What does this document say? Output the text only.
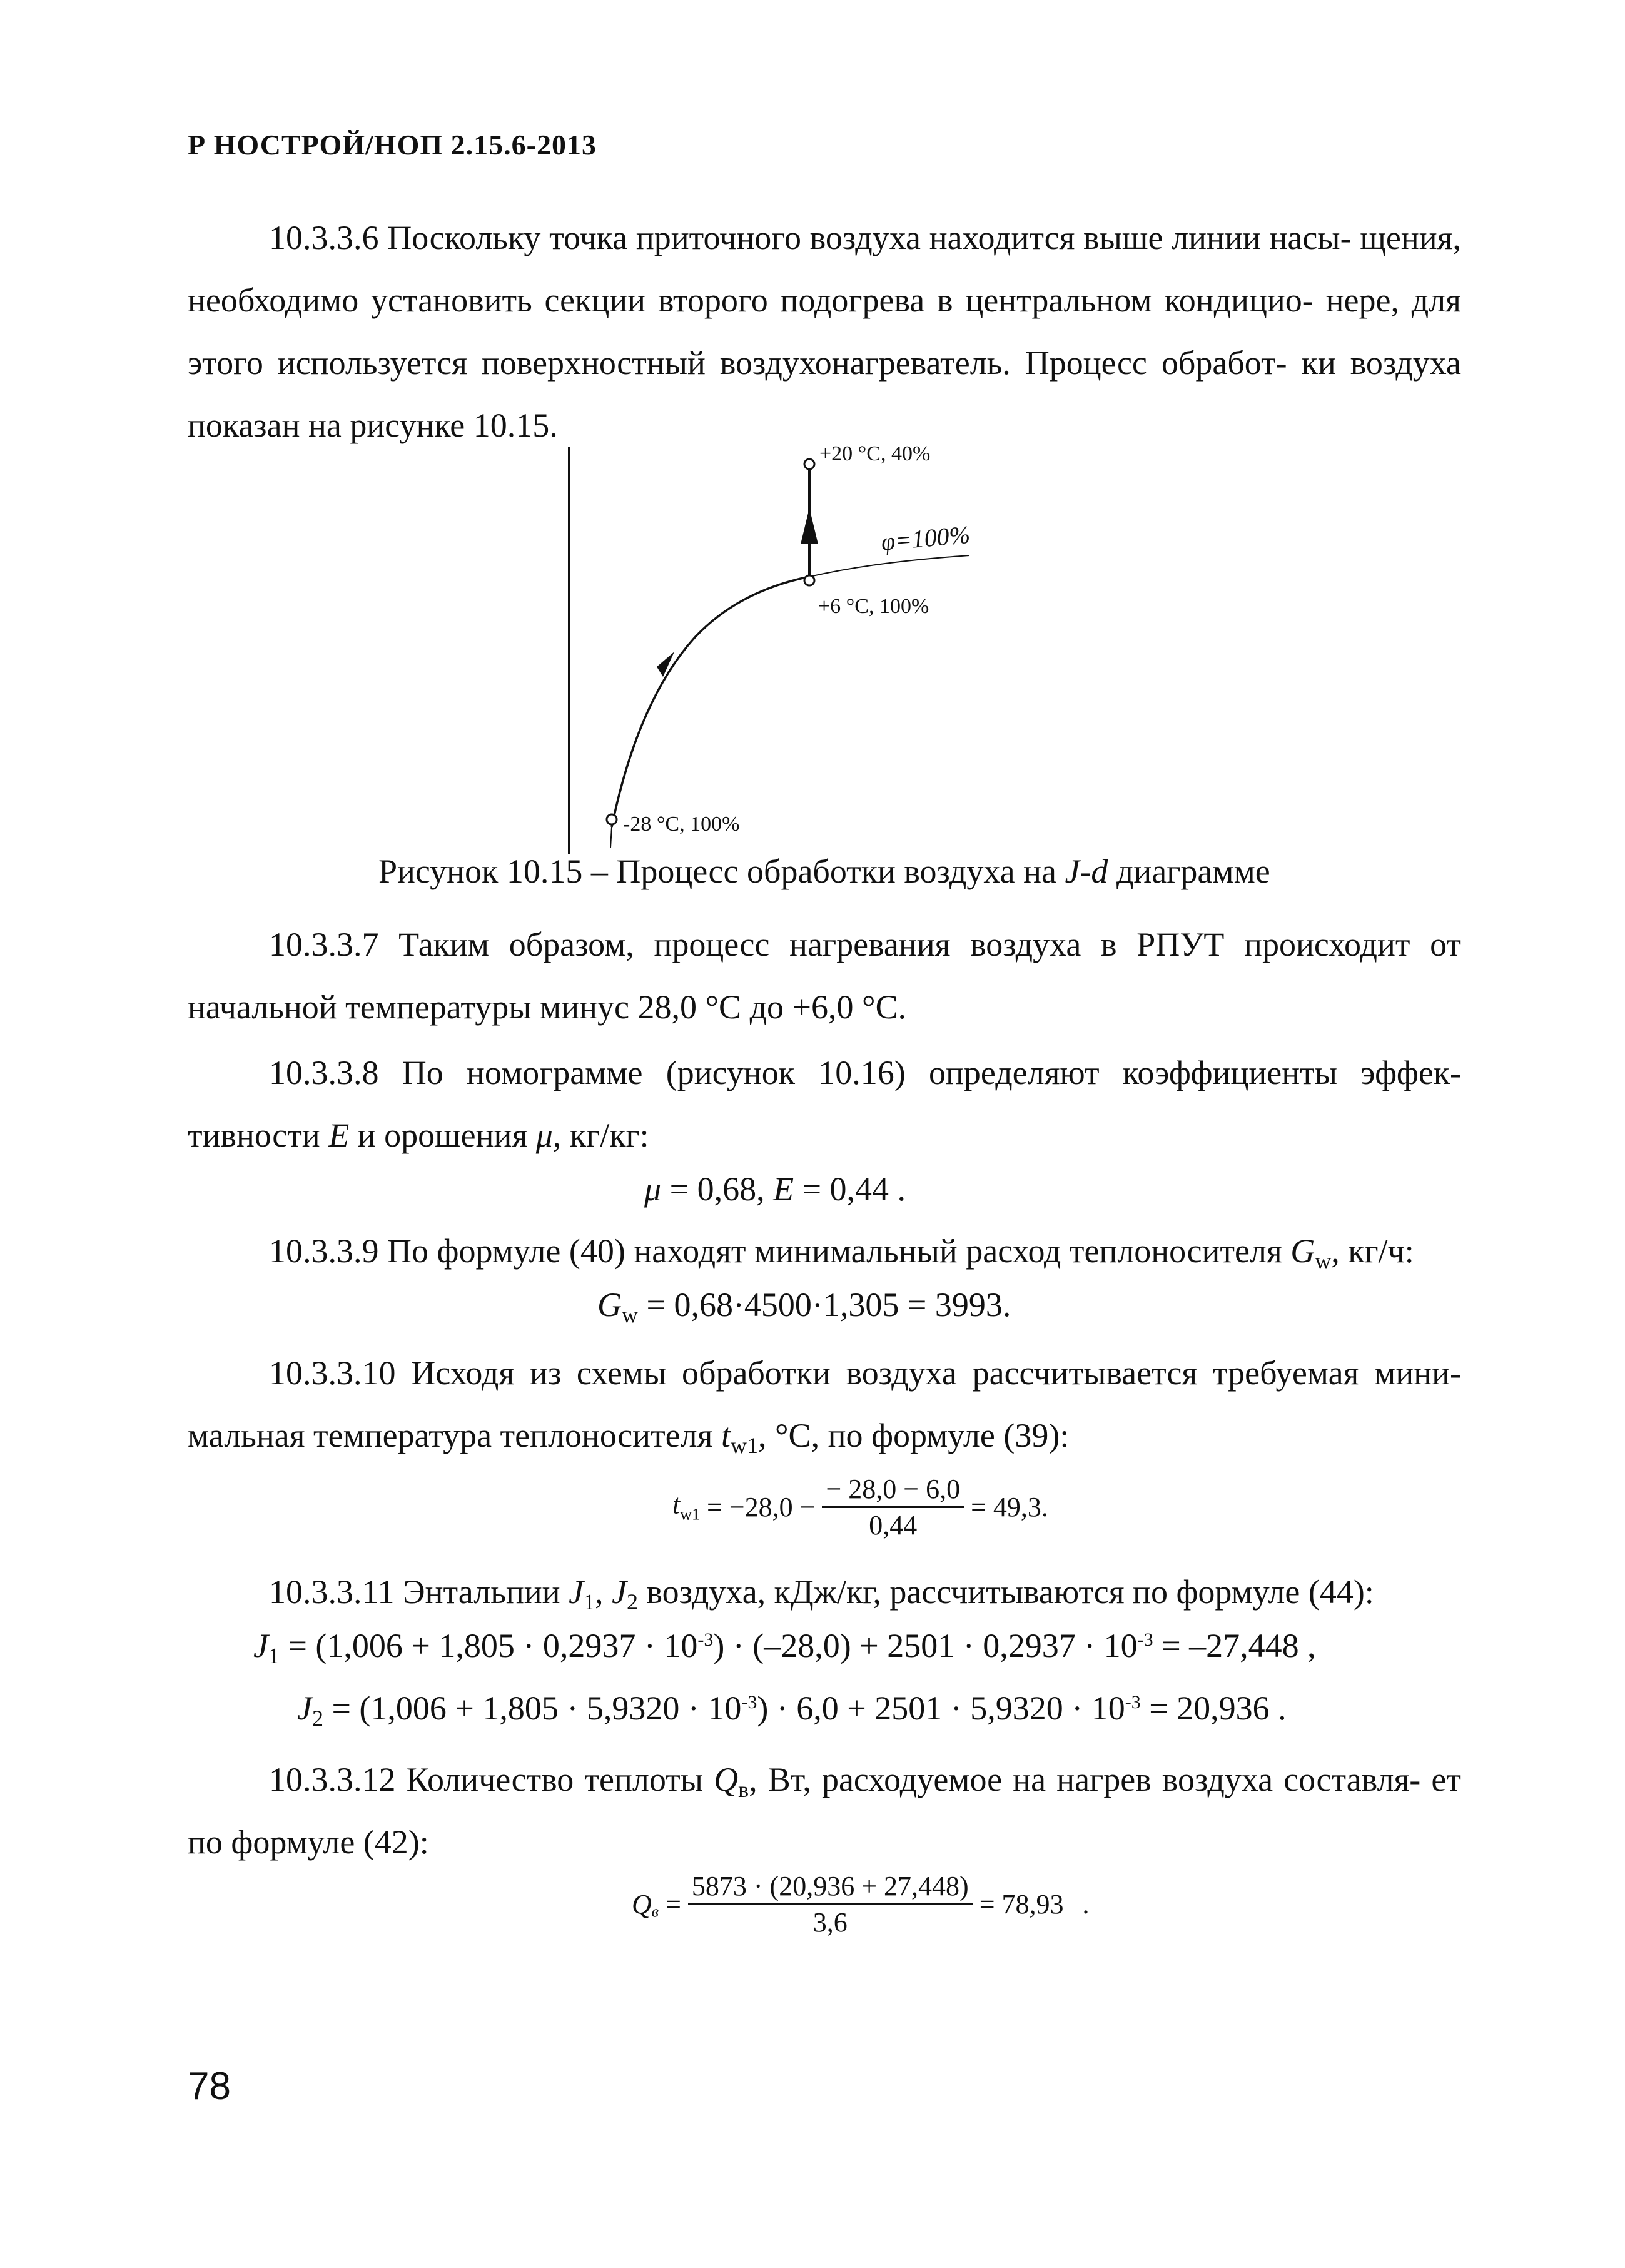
Р НОСТРОЙ/НОП 2.15.6-2013
10.3.3.6 Поскольку точка приточного воздуха находится выше линии насы- щения, необходимо установить секции второго подогрева в центральном кондицио- нере, для этого используется поверхностный воздухонагреватель. Процесс обработ- ки воздуха показан на рисунке 10.15.
+20 °C, 40%
φ=100%
+6 °C, 100%
-28 °C, 100%
Рисунок 10.15 – Процесс обработки воздуха на J-d диаграмме
10.3.3.7 Таким образом, процесс нагревания воздуха в РПУТ происходит от начальной температуры минус 28,0 °С до +6,0 °С.
10.3.3.8 По номограмме (рисунок 10.16) определяют коэффициенты эффек- тивности E и орошения μ, кг/кг:
μ = 0,68, E = 0,44 .
10.3.3.9 По формуле (40) находят минимальный расход теплоносителя $G_w$, кг/ч:
$G_w = 0,68\cdot 4500\cdot 1,305 = 3993$.
10.3.3.10 Исходя из схемы обработки воздуха рассчитывается требуемая мини-мальная температура теплоносителя $t_{w1}$, °С, по формуле (39):
$t_{w1} = -28,0 - \frac{- 28,0 - 6,0}{0,44} = 49,3$.
10.3.3.11 Энтальпии $J_1$, $J_2$ воздуха, кДж/кг, рассчитываются по формуле (44):
$J_1 = (1,006 + 1,805 \cdot 0,2937 \cdot 10^{-3}) \cdot (-28,0) + 2501 \cdot 0,2937 \cdot 10^{-3} = -27,448$ ,
$J_2 = (1,006 + 1,805 \cdot 5,9320 \cdot 10^{-3}) \cdot 6,0 + 2501 \cdot 5,9320 \cdot 10^{-3} = 20,936$ .
10.3.3.12 Количество теплоты $Q_в$, Вт, расходуемое на нагрев воздуха составля- ет по формуле (42):
$Q_в = \frac{5873 \cdot (20,936 + 27,448)}{3,6} = 78,93$ .
78
